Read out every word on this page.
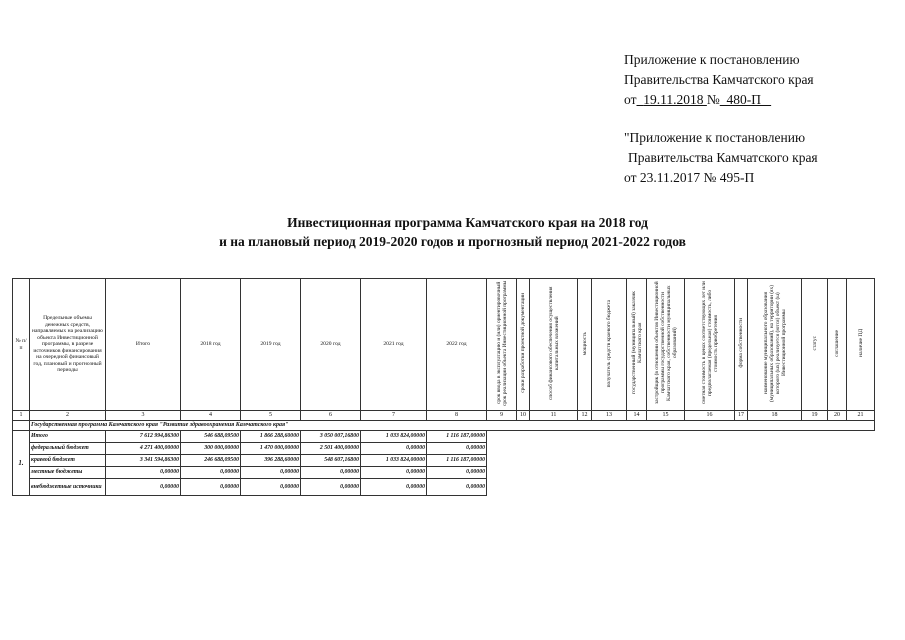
Приложение к постановлению
Правительства Камчатского края
от 19.11.2018 № 480-П
"Приложение к постановлению
Правительства Камчатского края
от 23.11.2017 № 495-П
Инвестиционная программа Камчатского края на 2018 год
и на плановый период 2019-2020 годов и прогнозный период 2021-2022 годов
№ п/п	Предельные объемы денежных средств, направляемых на реализацию объекта Инвестиционной программы, в разрезе источников финансирования на очередной финансовый год, плановый и прогнозный периоды	Итого	2018 год	2019 год	2020 год	2021 год	2022 год	срок ввода в эксплуатацию и (или) ориентировочный срок реализации объекта Инвестиционной программы	сроки разработки проектной документации	способ финансового обеспечения осуществления капитальных вложений	мощность	получатель средств краевого бюджета	государственный (муниципальный) заказчик Камчатского края	застройщик (в отношении объектов Инвестиционной программы государственной собственности Камчатского края, собственности муниципальных образований)	сметная стоимость в ценах соответствующих лет или предполагаемая (предельная) стоимость, либо стоимость приобретения	форма собственности	наименование муниципального образования (муниципальных образований), на территории (ях) которого (ых) реализуется (ются) объект (ы) Инвестиционной программы	статус	соглашение	наличие ПД
1	2	3	4	5	6	7	8	9	10	11	12	13	14	15	16	17	18	19	20	21
	Государственная программа Камчатского края "Развитие здравоохранения Камчатского края"																			
1.	Итого	7 612 994,86300	546 688,09500	1 866 288,60000	3 050 007,16800	1 033 824,00000	1 116 187,00000													
	федеральный бюджет	4 271 400,00000	300 000,00000	1 470 000,00000	2 501 400,00000	0,00000	0,00000													
	краевой бюджет	3 341 594,86300	246 688,09500	396 288,60000	548 607,16800	1 033 824,00000	1 116 187,00000													
	местные бюджеты	0,00000	0,00000	0,00000	0,00000	0,00000	0,00000													
	внебюджетные источники	0,00000	0,00000	0,00000	0,00000	0,00000	0,00000													
